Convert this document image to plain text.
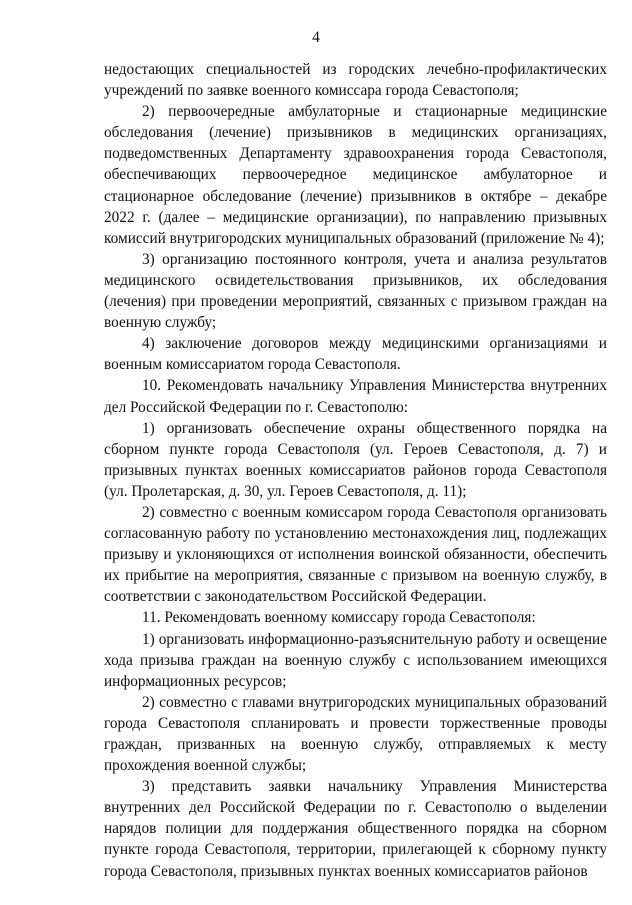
4

недостающих специальностей из городских лечебно-профилактических учреждений по заявке военного комиссара города Севастополя;

2) первоочередные амбулаторные и стационарные медицинские обследования (лечение) призывников в медицинских организациях, подведомственных Департаменту здравоохранения города Севастополя, обеспечивающих первоочередное медицинское амбулаторное и стационарное обследование (лечение) призывников в октябре – декабре 2022 г. (далее – медицинские организации), по направлению призывных комиссий внутригородских муниципальных образований (приложение № 4);

3) организацию постоянного контроля, учета и анализа результатов медицинского освидетельствования призывников, их обследования (лечения) при проведении мероприятий, связанных с призывом граждан на военную службу;

4) заключение договоров между медицинскими организациями и военным комиссариатом города Севастополя.

10. Рекомендовать начальнику Управления Министерства внутренних дел Российской Федерации по г. Севастополю:

1) организовать обеспечение охраны общественного порядка на сборном пункте города Севастополя (ул. Героев Севастополя, д. 7) и призывных пунктах военных комиссариатов районов города Севастополя (ул. Пролетарская, д. 30, ул. Героев Севастополя, д. 11);

2) совместно с военным комиссаром города Севастополя организовать согласованную работу по установлению местонахождения лиц, подлежащих призыву и уклоняющихся от исполнения воинской обязанности, обеспечить их прибытие на мероприятия, связанные с призывом на военную службу, в соответствии с законодательством Российской Федерации.

11. Рекомендовать военному комиссару города Севастополя:

1) организовать информационно-разъяснительную работу и освещение хода призыва граждан на военную службу с использованием имеющихся информационных ресурсов;

2) совместно с главами внутригородских муниципальных образований города Севастополя спланировать и провести торжественные проводы граждан, призванных на военную службу, отправляемых к месту прохождения военной службы;

3) представить заявки начальнику Управления Министерства внутренних дел Российской Федерации по г. Севастополю о выделении нарядов полиции для поддержания общественного порядка на сборном пункте города Севастополя, территории, прилегающей к сборному пункту города Севастополя, призывных пунктах военных комиссариатов районов
